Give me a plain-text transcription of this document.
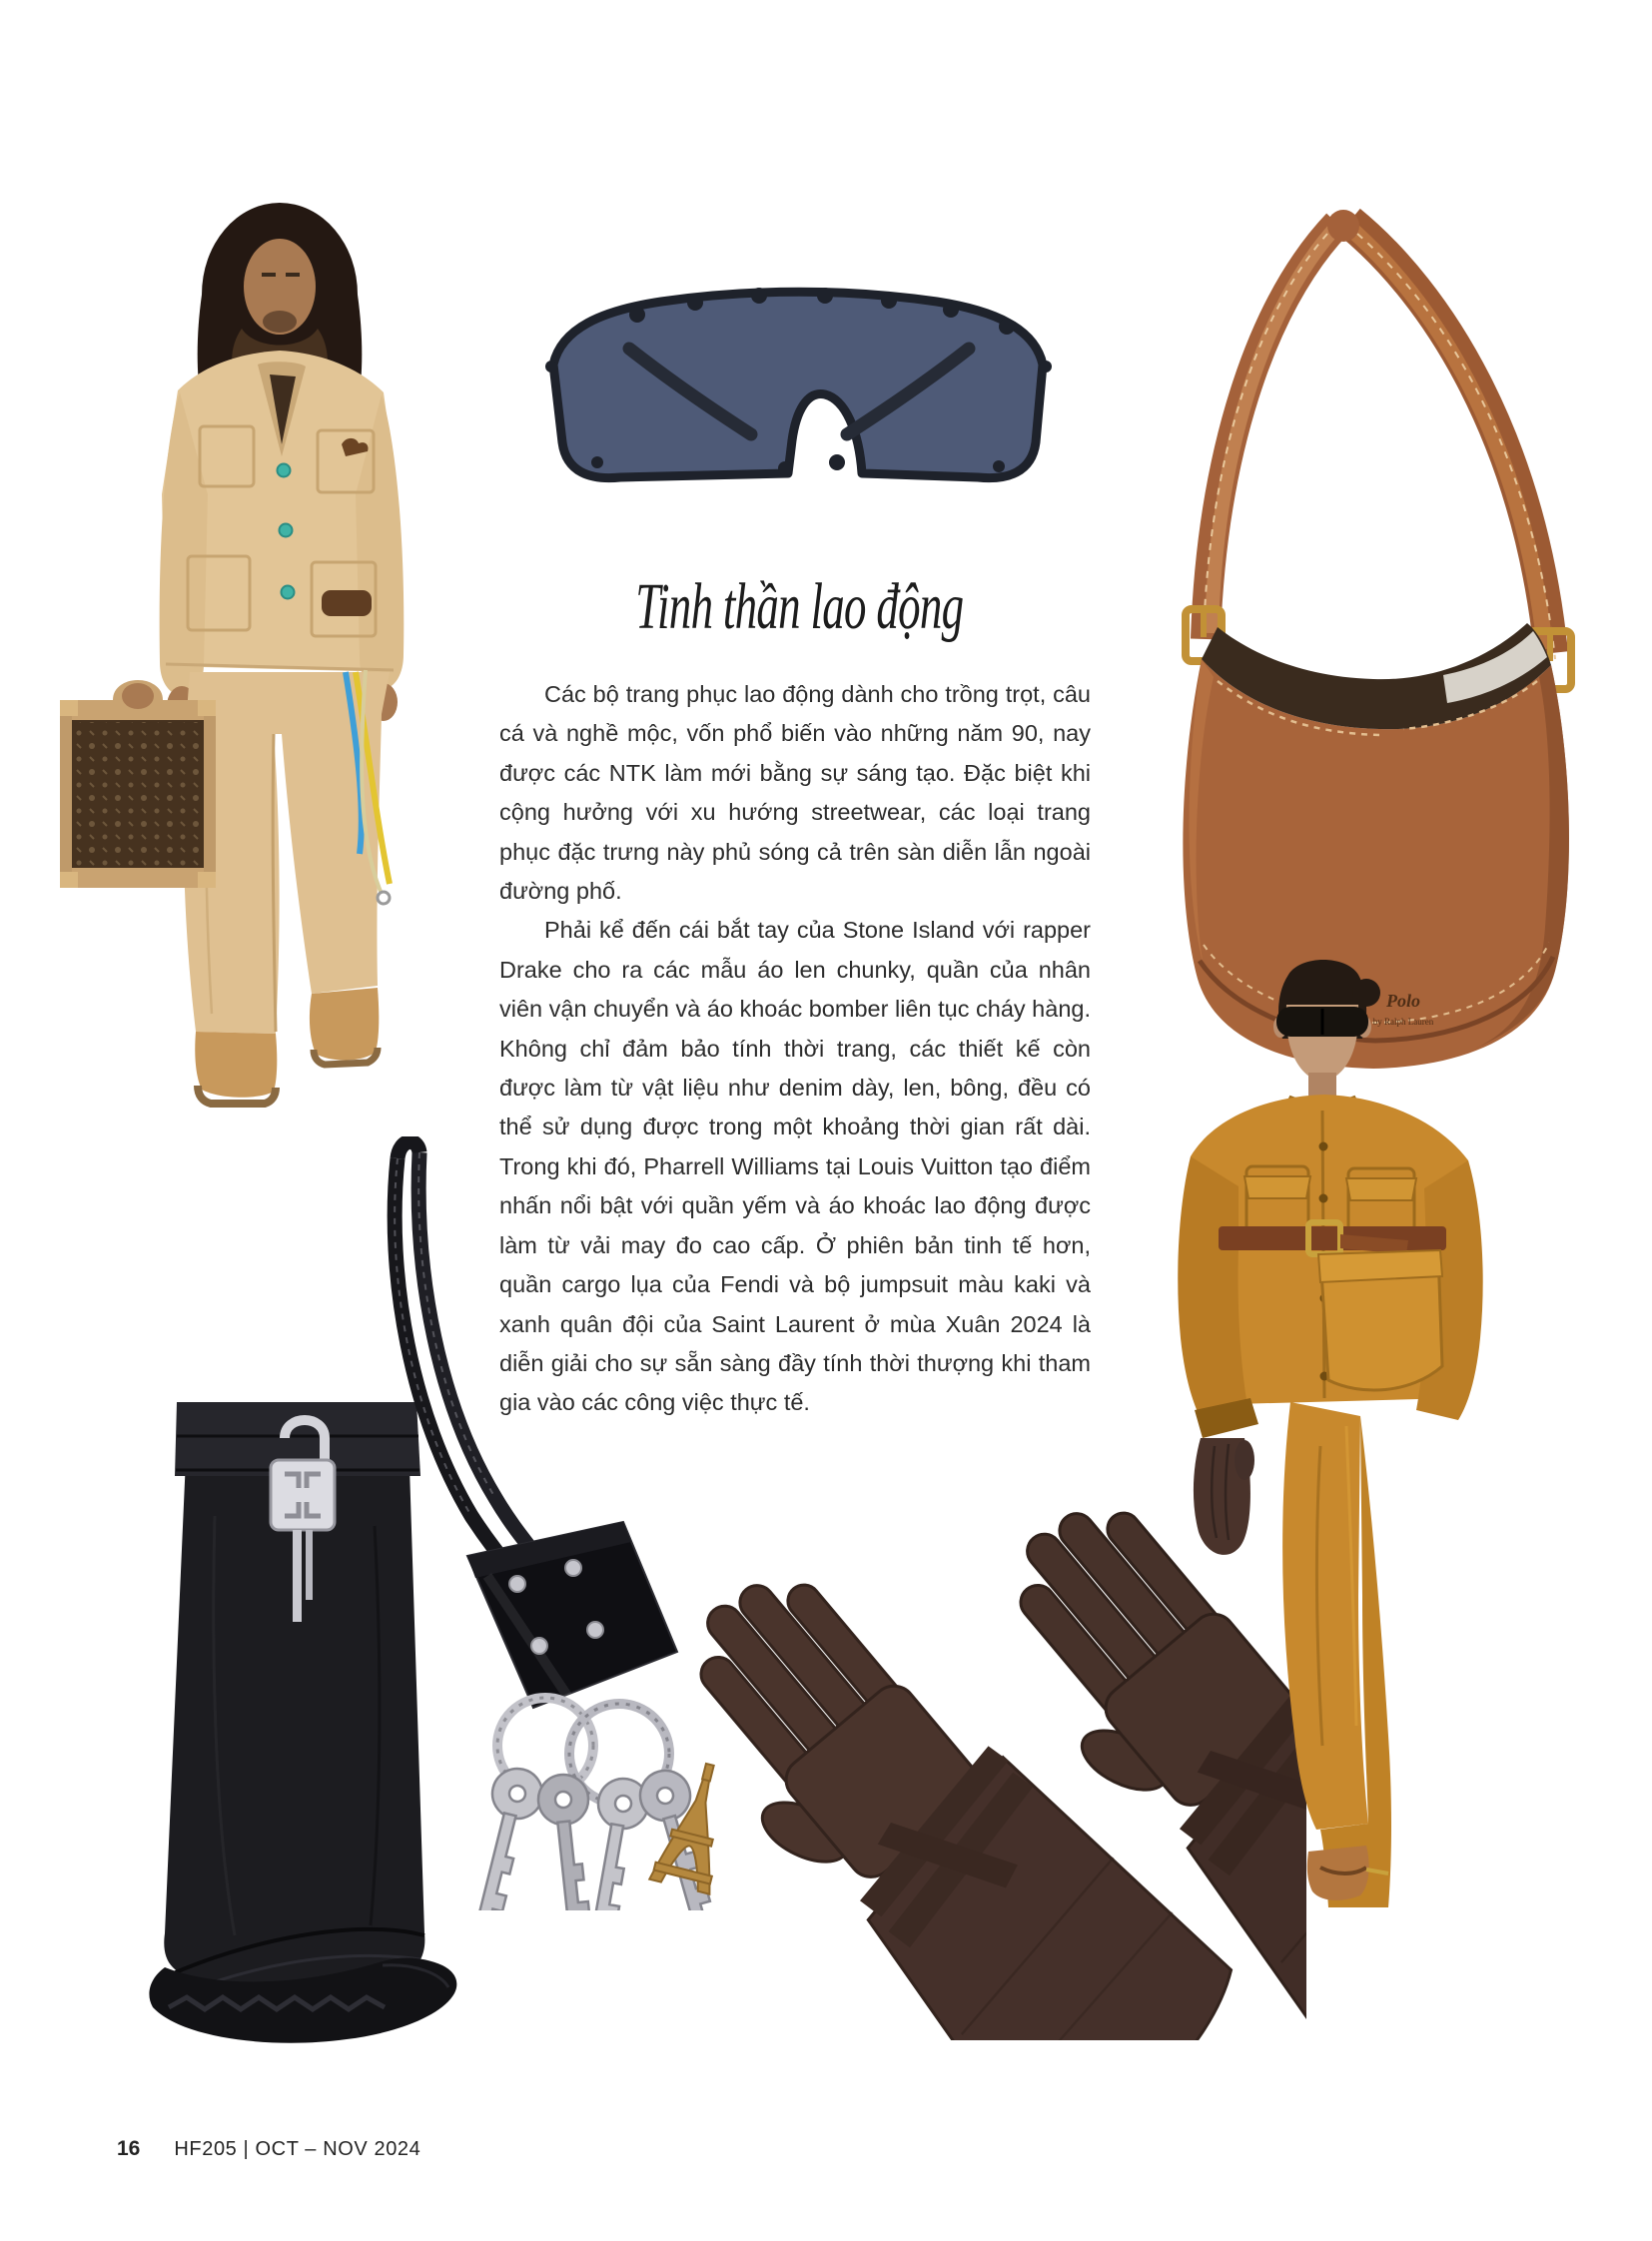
Polo
by Ralph Lauren
Tinh thần lao động

Các bộ trang phục lao động dành cho trồng trọt, câu cá và nghề mộc, vốn phổ biến vào những năm 90, nay được các NTK làm mới bằng sự sáng tạo. Đặc biệt khi cộng hưởng với xu hướng streetwear, các loại trang phục đặc trưng này phủ sóng cả trên sàn diễn lẫn ngoài đường phố.

Phải kể đến cái bắt tay của Stone Island với rapper Drake cho ra các mẫu áo len chunky, quần của nhân viên vận chuyển và áo khoác bomber liên tục cháy hàng. Không chỉ đảm bảo tính thời trang, các thiết kế còn được làm từ vật liệu như denim dày, len, bông, đều có thể sử dụng được trong một khoảng thời gian rất dài. Trong khi đó, Pharrell Williams tại Louis Vuitton tạo điểm nhấn nổi bật với quần yếm và áo khoác lao động được làm từ vải may đo cao cấp. Ở phiên bản tinh tế hơn, quần cargo lụa của Fendi và bộ jumpsuit màu kaki và xanh quân đội của Saint Laurent ở mùa Xuân 2024 là diễn giải cho sự sẵn sàng đầy tính thời thượng khi tham gia vào các công việc thực tế.

16 HF205 | OCT – NOV 2024
